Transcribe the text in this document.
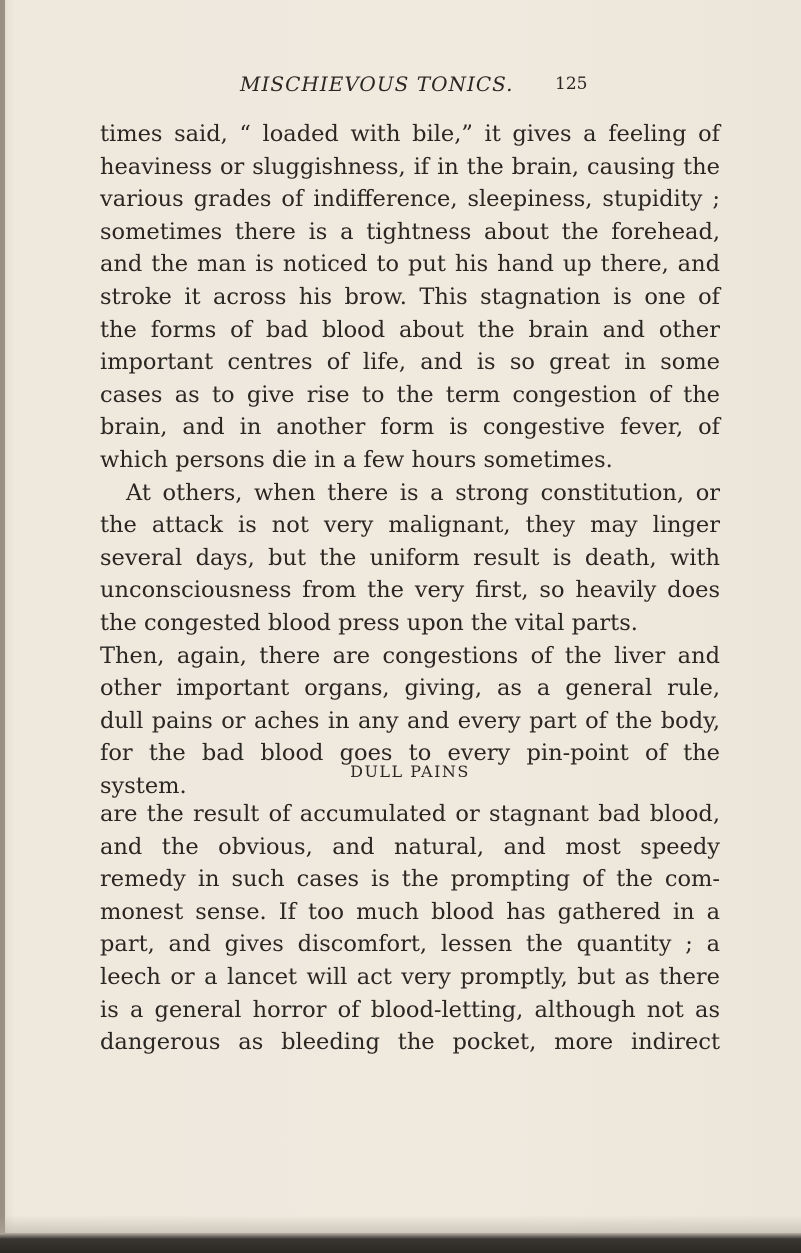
MISCHIEVOUS TONICS. 125
times said, “ loaded with bile,” it gives a feeling of
heaviness or sluggishness, if in the brain, causing the
various grades of indifference, sleepiness, stupidity ;
sometimes there is a tightness about the forehead,
and the man is noticed to put his hand up there, and
stroke it across his brow. This stagnation is one of
the forms of bad blood about the brain and other
important centres of life, and is so great in some
cases as to give rise to the term congestion of the
brain, and in another form is congestive fever, of
which persons die in a few hours sometimes.
At others, when there is a strong constitution, or
the attack is not very malignant, they may linger
several days, but the uniform result is death, with
unconsciousness from the very first, so heavily does
the congested blood press upon the vital parts.
Then, again, there are congestions of the liver and
other important organs, giving, as a general rule,
dull pains or aches in any and every part of the body,
for the bad blood goes to every pin-point of the
system.
DULL PAINS
are the result of accumulated or stagnant bad blood,
and the obvious, and natural, and most speedy
remedy in such cases is the prompting of the com-
monest sense. If too much blood has gathered in a
part, and gives discomfort, lessen the quantity ; a
leech or a lancet will act very promptly, but as there
is a general horror of blood-letting, although not as
dangerous as bleeding the pocket, more indirect
